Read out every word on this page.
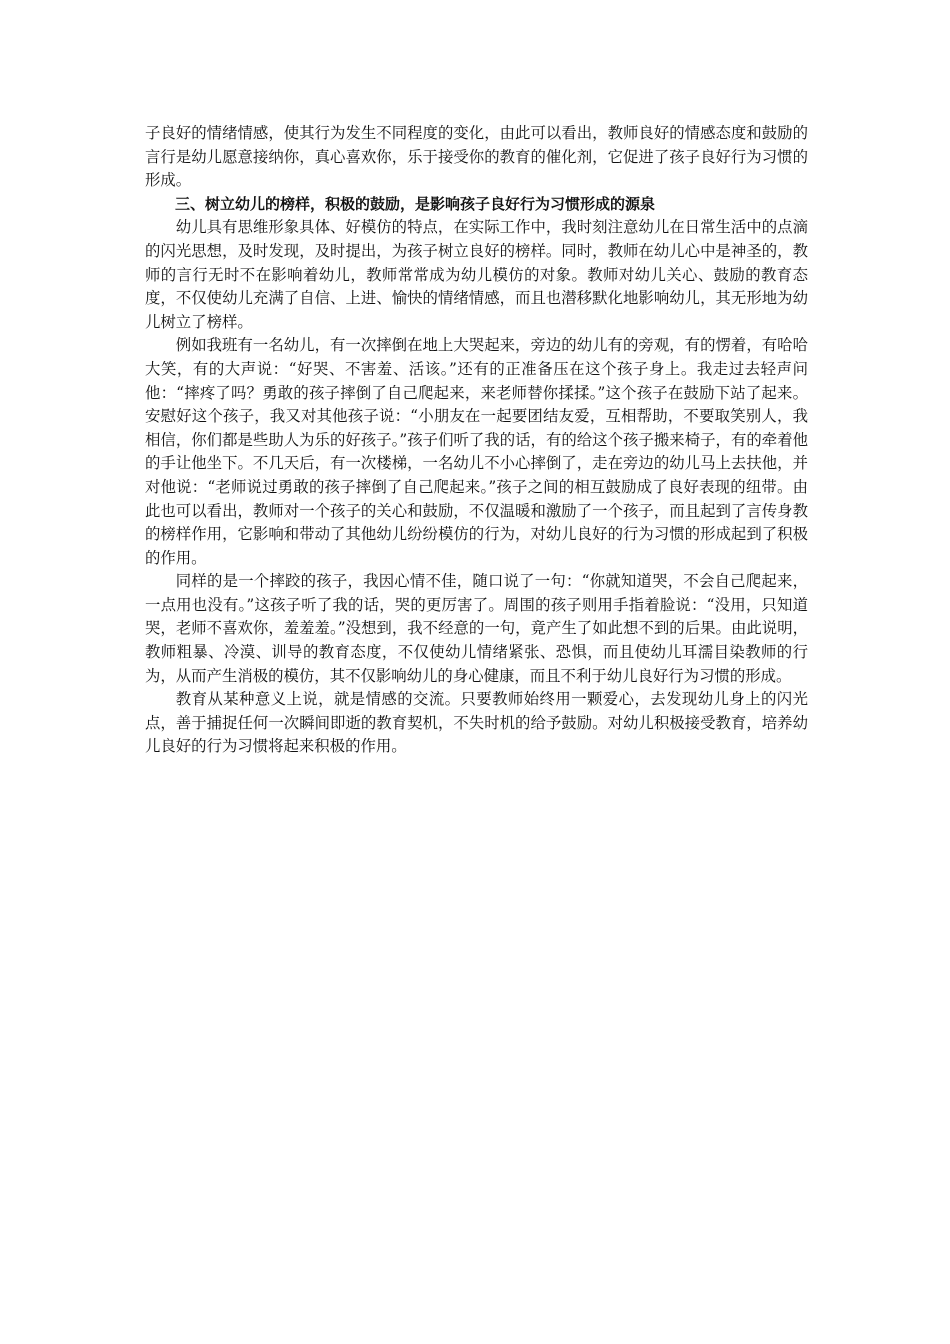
子良好的情绪情感，使其行为发生不同程度的变化，由此可以看出，教师良好的情感态度和鼓励的言行是幼儿愿意接纳你，真心喜欢你，乐于接受你的教育的催化剂，它促进了孩子良好行为习惯的形成。

三、树立幼儿的榜样，积极的鼓励，是影响孩子良好行为习惯形成的源泉

幼儿具有思维形象具体、好模仿的特点，在实际工作中，我时刻注意幼儿在日常生活中的点滴的闪光思想，及时发现，及时提出，为孩子树立良好的榜样。同时，教师在幼儿心中是神圣的，教师的言行无时不在影响着幼儿，教师常常成为幼儿模仿的对象。教师对幼儿关心、鼓励的教育态度，不仅使幼儿充满了自信、上进、愉快的情绪情感，而且也潜移默化地影响幼儿，其无形地为幼儿树立了榜样。

例如我班有一名幼儿，有一次摔倒在地上大哭起来，旁边的幼儿有的旁观，有的愣着，有哈哈大笑，有的大声说：“好哭、不害羞、活该。”还有的正准备压在这个孩子身上。我走过去轻声问他：“摔疼了吗？勇敢的孩子摔倒了自己爬起来，来老师替你揉揉。”这个孩子在鼓励下站了起来。安慰好这个孩子，我又对其他孩子说：“小朋友在一起要团结友爱，互相帮助，不要取笑别人，我相信，你们都是些助人为乐的好孩子。”孩子们听了我的话，有的给这个孩子搬来椅子，有的牵着他的手让他坐下。不几天后，有一次楼梯，一名幼儿不小心摔倒了，走在旁边的幼儿马上去扶他，并对他说：“老师说过勇敢的孩子摔倒了自己爬起来。”孩子之间的相互鼓励成了良好表现的纽带。由此也可以看出，教师对一个孩子的关心和鼓励，不仅温暖和激励了一个孩子，而且起到了言传身教的榜样作用，它影响和带动了其他幼儿纷纷模仿的行为，对幼儿良好的行为习惯的形成起到了积极的作用。

同样的是一个摔跤的孩子，我因心情不佳，随口说了一句：“你就知道哭，不会自己爬起来，一点用也没有。”这孩子听了我的话，哭的更厉害了。周围的孩子则用手指着脸说：“没用，只知道哭，老师不喜欢你，羞羞羞。”没想到，我不经意的一句，竟产生了如此想不到的后果。由此说明，教师粗暴、冷漠、训导的教育态度，不仅使幼儿情绪紧张、恐惧，而且使幼儿耳濡目染教师的行为，从而产生消极的模仿，其不仅影响幼儿的身心健康，而且不利于幼儿良好行为习惯的形成。

教育从某种意义上说，就是情感的交流。只要教师始终用一颗爱心，去发现幼儿身上的闪光点，善于捕捉任何一次瞬间即逝的教育契机，不失时机的给予鼓励。对幼儿积极接受教育，培养幼儿良好的行为习惯将起来积极的作用。
